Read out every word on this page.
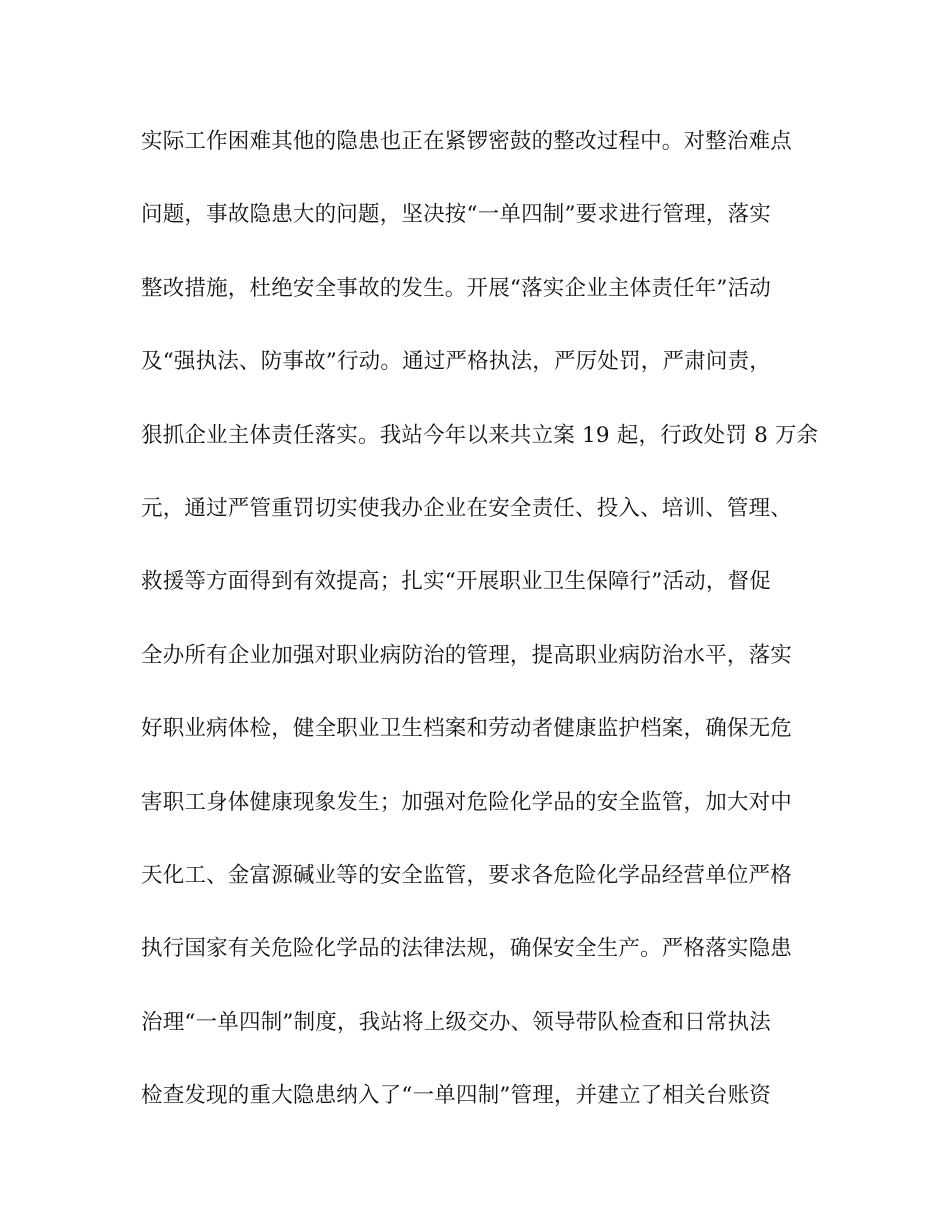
实际工作困难其他的隐患也正在紧锣密鼓的整改过程中。对整治难点
问题，事故隐患大的问题，坚决按“一单四制”要求进行管理，落实
整改措施，杜绝安全事故的发生。开展“落实企业主体责任年”活动
及“强执法、防事故”行动。通过严格执法，严厉处罚，严肃问责，
狠抓企业主体责任落实。我站今年以来共立案 19 起，行政处罚 8 万余
元，通过严管重罚切实使我办企业在安全责任、投入、培训、管理、
救援等方面得到有效提高；扎实“开展职业卫生保障行”活动，督促
全办所有企业加强对职业病防治的管理，提高职业病防治水平，落实
好职业病体检，健全职业卫生档案和劳动者健康监护档案，确保无危
害职工身体健康现象发生；加强对危险化学品的安全监管，加大对中
天化工、金富源碱业等的安全监管，要求各危险化学品经营单位严格
执行国家有关危险化学品的法律法规，确保安全生产。严格落实隐患
治理“一单四制”制度，我站将上级交办、领导带队检查和日常执法
检查发现的重大隐患纳入了“一单四制”管理，并建立了相关台账资
